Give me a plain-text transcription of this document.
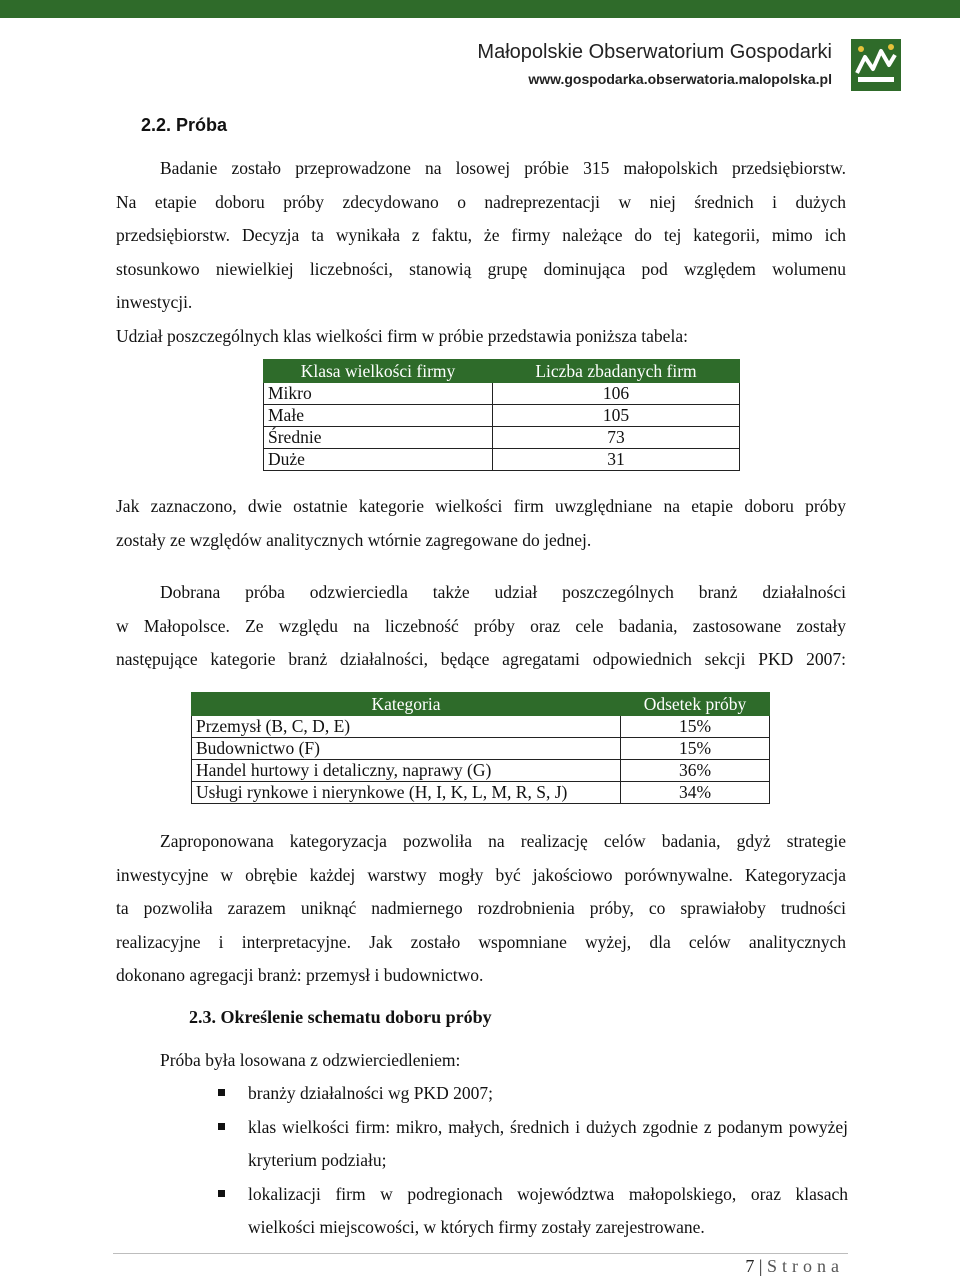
Małopolskie Obserwatorium Gospodarki
www.gospodarka.obserwatoria.malopolska.pl
2.2. Próba
Badanie zostało przeprowadzone na losowej próbie 315 małopolskich przedsiębiorstw.
Na etapie doboru próby zdecydowano o nadreprezentacji w niej średnich i dużych
przedsiębiorstw. Decyzja ta wynikała z faktu, że firmy należące do tej kategorii, mimo ich
stosunkowo niewielkiej liczebności, stanowią grupę dominująca pod względem wolumenu
inwestycji.
Udział poszczególnych klas wielkości firm w próbie przedstawia poniższa tabela:
Klasa wielkości firmy	Liczba zbadanych firm
Mikro	106
Małe	105
Średnie	73
Duże	31
Jak zaznaczono, dwie ostatnie kategorie wielkości firm uwzględniane na etapie doboru próby
zostały ze względów analitycznych wtórnie zagregowane do jednej.
Dobrana próba odzwierciedla także udział poszczególnych branż działalności
w Małopolsce. Ze względu na liczebność próby oraz cele badania, zastosowane zostały
następujące kategorie branż działalności, będące agregatami odpowiednich sekcji PKD 2007:
Kategoria	Odsetek próby
Przemysł (B, C, D, E)	15%
Budownictwo (F)	15%
Handel hurtowy i detaliczny, naprawy (G)	36%
Usługi rynkowe i nierynkowe (H, I, K, L, M, R, S, J)	34%
Zaproponowana kategoryzacja pozwoliła na realizację celów badania, gdyż strategie
inwestycyjne w obrębie każdej warstwy mogły być jakościowo porównywalne. Kategoryzacja
ta pozwoliła zarazem uniknąć nadmiernego rozdrobnienia próby, co sprawiałoby trudności
realizacyjne i interpretacyjne. Jak zostało wspomniane wyżej, dla celów analitycznych
dokonano agregacji branż: przemysł i budownictwo.
2.3. Określenie schematu doboru próby
Próba była losowana z odzwierciedleniem:
branży działalności wg PKD 2007;
klas wielkości firm: mikro, małych, średnich i dużych zgodnie z podanym powyżej kryterium podziału;
lokalizacji firm w podregionach województwa małopolskiego, oraz klasach wielkości miejscowości, w których firmy zostały zarejestrowane.
7 | Strona
